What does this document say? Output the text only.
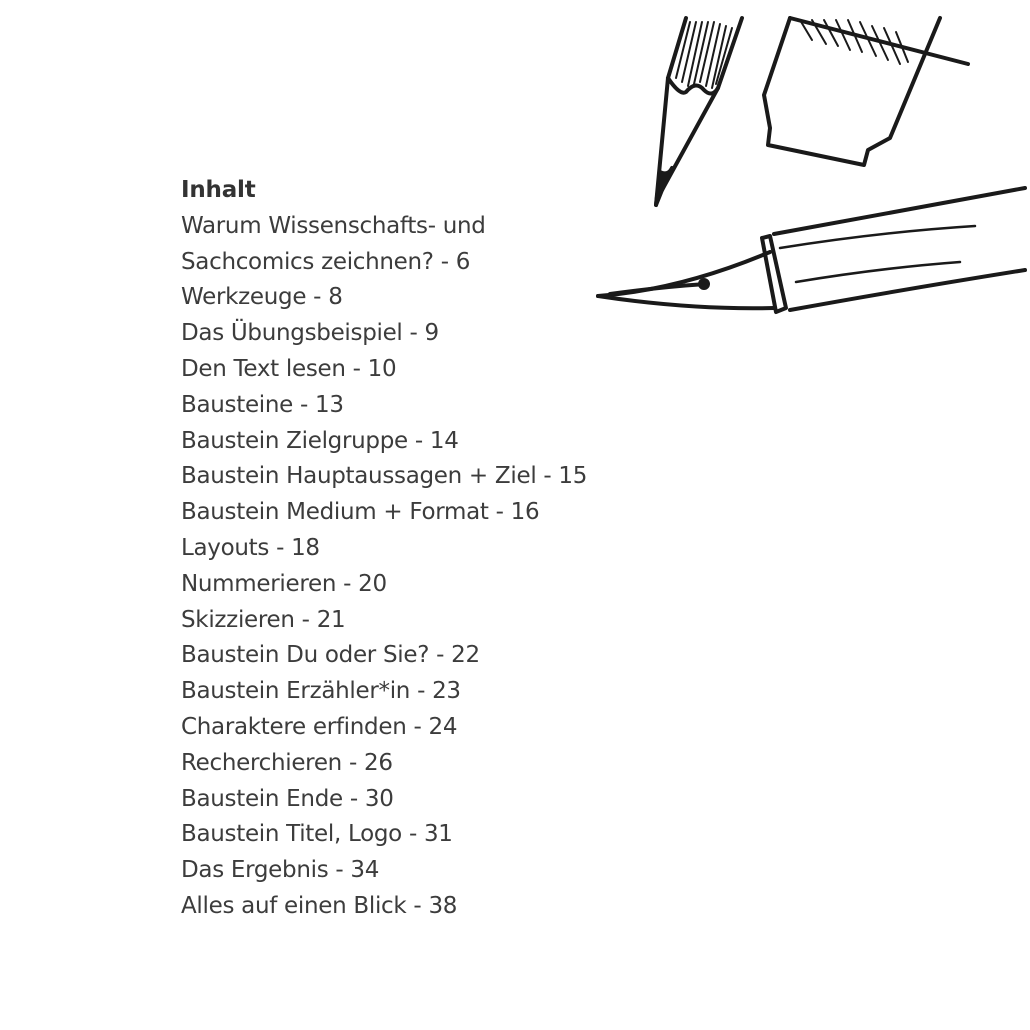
Inhalt
Warum Wissenschafts- und
Sachcomics zeichnen? - 6
Werkzeuge - 8
Das Übungsbeispiel - 9
Den Text lesen - 10
Bausteine - 13
Baustein Zielgruppe - 14
Baustein Hauptaussagen + Ziel - 15
Baustein Medium + Format - 16
Layouts - 18
Nummerieren - 20
Skizzieren - 21
Baustein Du oder Sie? - 22
Baustein Erzähler*in - 23
Charaktere erfinden - 24
Recherchieren - 26
Baustein Ende - 30
Baustein Titel, Logo - 31
Das Ergebnis - 34
Alles auf einen Blick - 38
